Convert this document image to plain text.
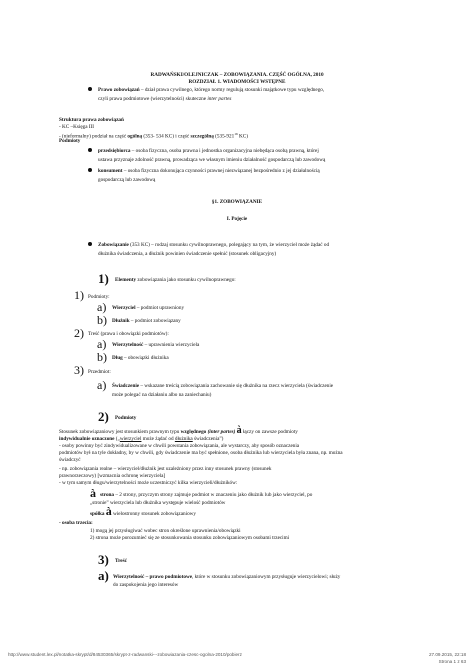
RADWAŃSKI/OLEJNICZAK – ZOBOWIĄZANIA. CZĘŚĆ OGÓLNA, 2010
ROZDZIAŁ 1. WIADOMOŚCI WSTĘPNE
Prawo zobowiązań – dział prawa cywilnego, którego normy regulują stosunki majątkowe typu względnego,
czyli prawa podmiotowe (wierzytelności) skuteczne inter partes
Struktura prawa zobowiązań
- KC –Księga III
- (nieformalny) podział na część ogólną (353- 534 KC) i część szczególną ($535-921^{16}$ KC)
Podmioty
przedsiębiorca – osoba fizyczna, osoba prawna i jednostka organizacyjna niebędąca osobą prawną, której
ustawa przyznaje zdolność prawną, prowadząca we własnym imieniu działalność gospodarczą lub zawodową
konsument – osoba fizyczna dokonująca czynności prawnej niezwiązanej bezpośrednio z jej działalnością
gospodarczą lub zawodową
§1. ZOBOWIĄZANIE
I. Pojęcie
Zobowiązanie (353 KC) – rodzaj stosunku cywilnoprawnego, polegający na tym, że wierzyciel może żądać od
dłużnika świadczenia, a dłużnik powinien świadczenie spełnić (stosunek obligacyjny)
1) Elementy zobowiązania jako stosunku cywilnoprawnego:
1) Podmioty:
a) Wierzyciel – podmiot uprawniony
b) Dłużnik – podmiot zobowiązany
2) Treść (prawa i obowiązki podmiotów):
a) Wierzytelność – uprawnienia wierzyciela
b) Dług – obowiązki dłużnika
3) Przedmiot:
a) Świadczenie – wskazane treścią zobowiązania zachowanie się dłużnika na rzecz wierzyciela (świadczenie
może polegać na działaniu albo na zaniechaniu)
2) Podmioty
Stosunek zobowiązaniowy jest stosunkiem prawnym typu względnego (inter partes) à łączy on zawsze podmioty
indywidualnie oznaczone („wierzyciel może żądać od dłużnika świadczenia”)
- osoby powinny być zindywidualizowane w chwili powstania zobowiązania, ale wystarczy, aby sposób oznaczenia
podmiotów był na tyle dokładny, by w chwili, gdy świadczenie ma być spełnione, osoba dłużnika lub wierzyciela była znana, np. można
świadczyć
- np. zobowiązania realne – wierzyciel/dłużnik jest uzależniony przez inny stosunek prawny (stosunek
prawnorzeczowy) [wzmacnia ochronę wierzyciela]
- w tym samym długu/wierzytelności może uczestniczyć kilka wierzycieli/dłużników:
à strona – 2 strony, przyczym strony zajmuje podmiot w znaczeniu jako dłużnik lub jako wierzyciel, po
„stronie” wierzyciela lub dłużnika występuje wielość podmiotów
spółka à wielostronny stosunek zobowiązaniowy
- osoba trzecia:
1) mogą jej przysługiwać wobec stron określone uprawnienia/obowiązki
2) strona może porozumieć się ze stosunkowania stosunku zobowiązaniowym osobami trzecimi
3) Treść
a) Wierzytelność – prawo podmiotowe, które w stosunku zobowiązaniowym przysługuje wierzycielowi; służy
do zaspokojenia jego interesów
http://www.student.lex.pl/notatka-skrypt/d/84530365/skrypt-z-radwanski---zobowiazania-czesc-ogolna-2010/pobierz	27.09.2015, 22:18
Strona 1 z 63
